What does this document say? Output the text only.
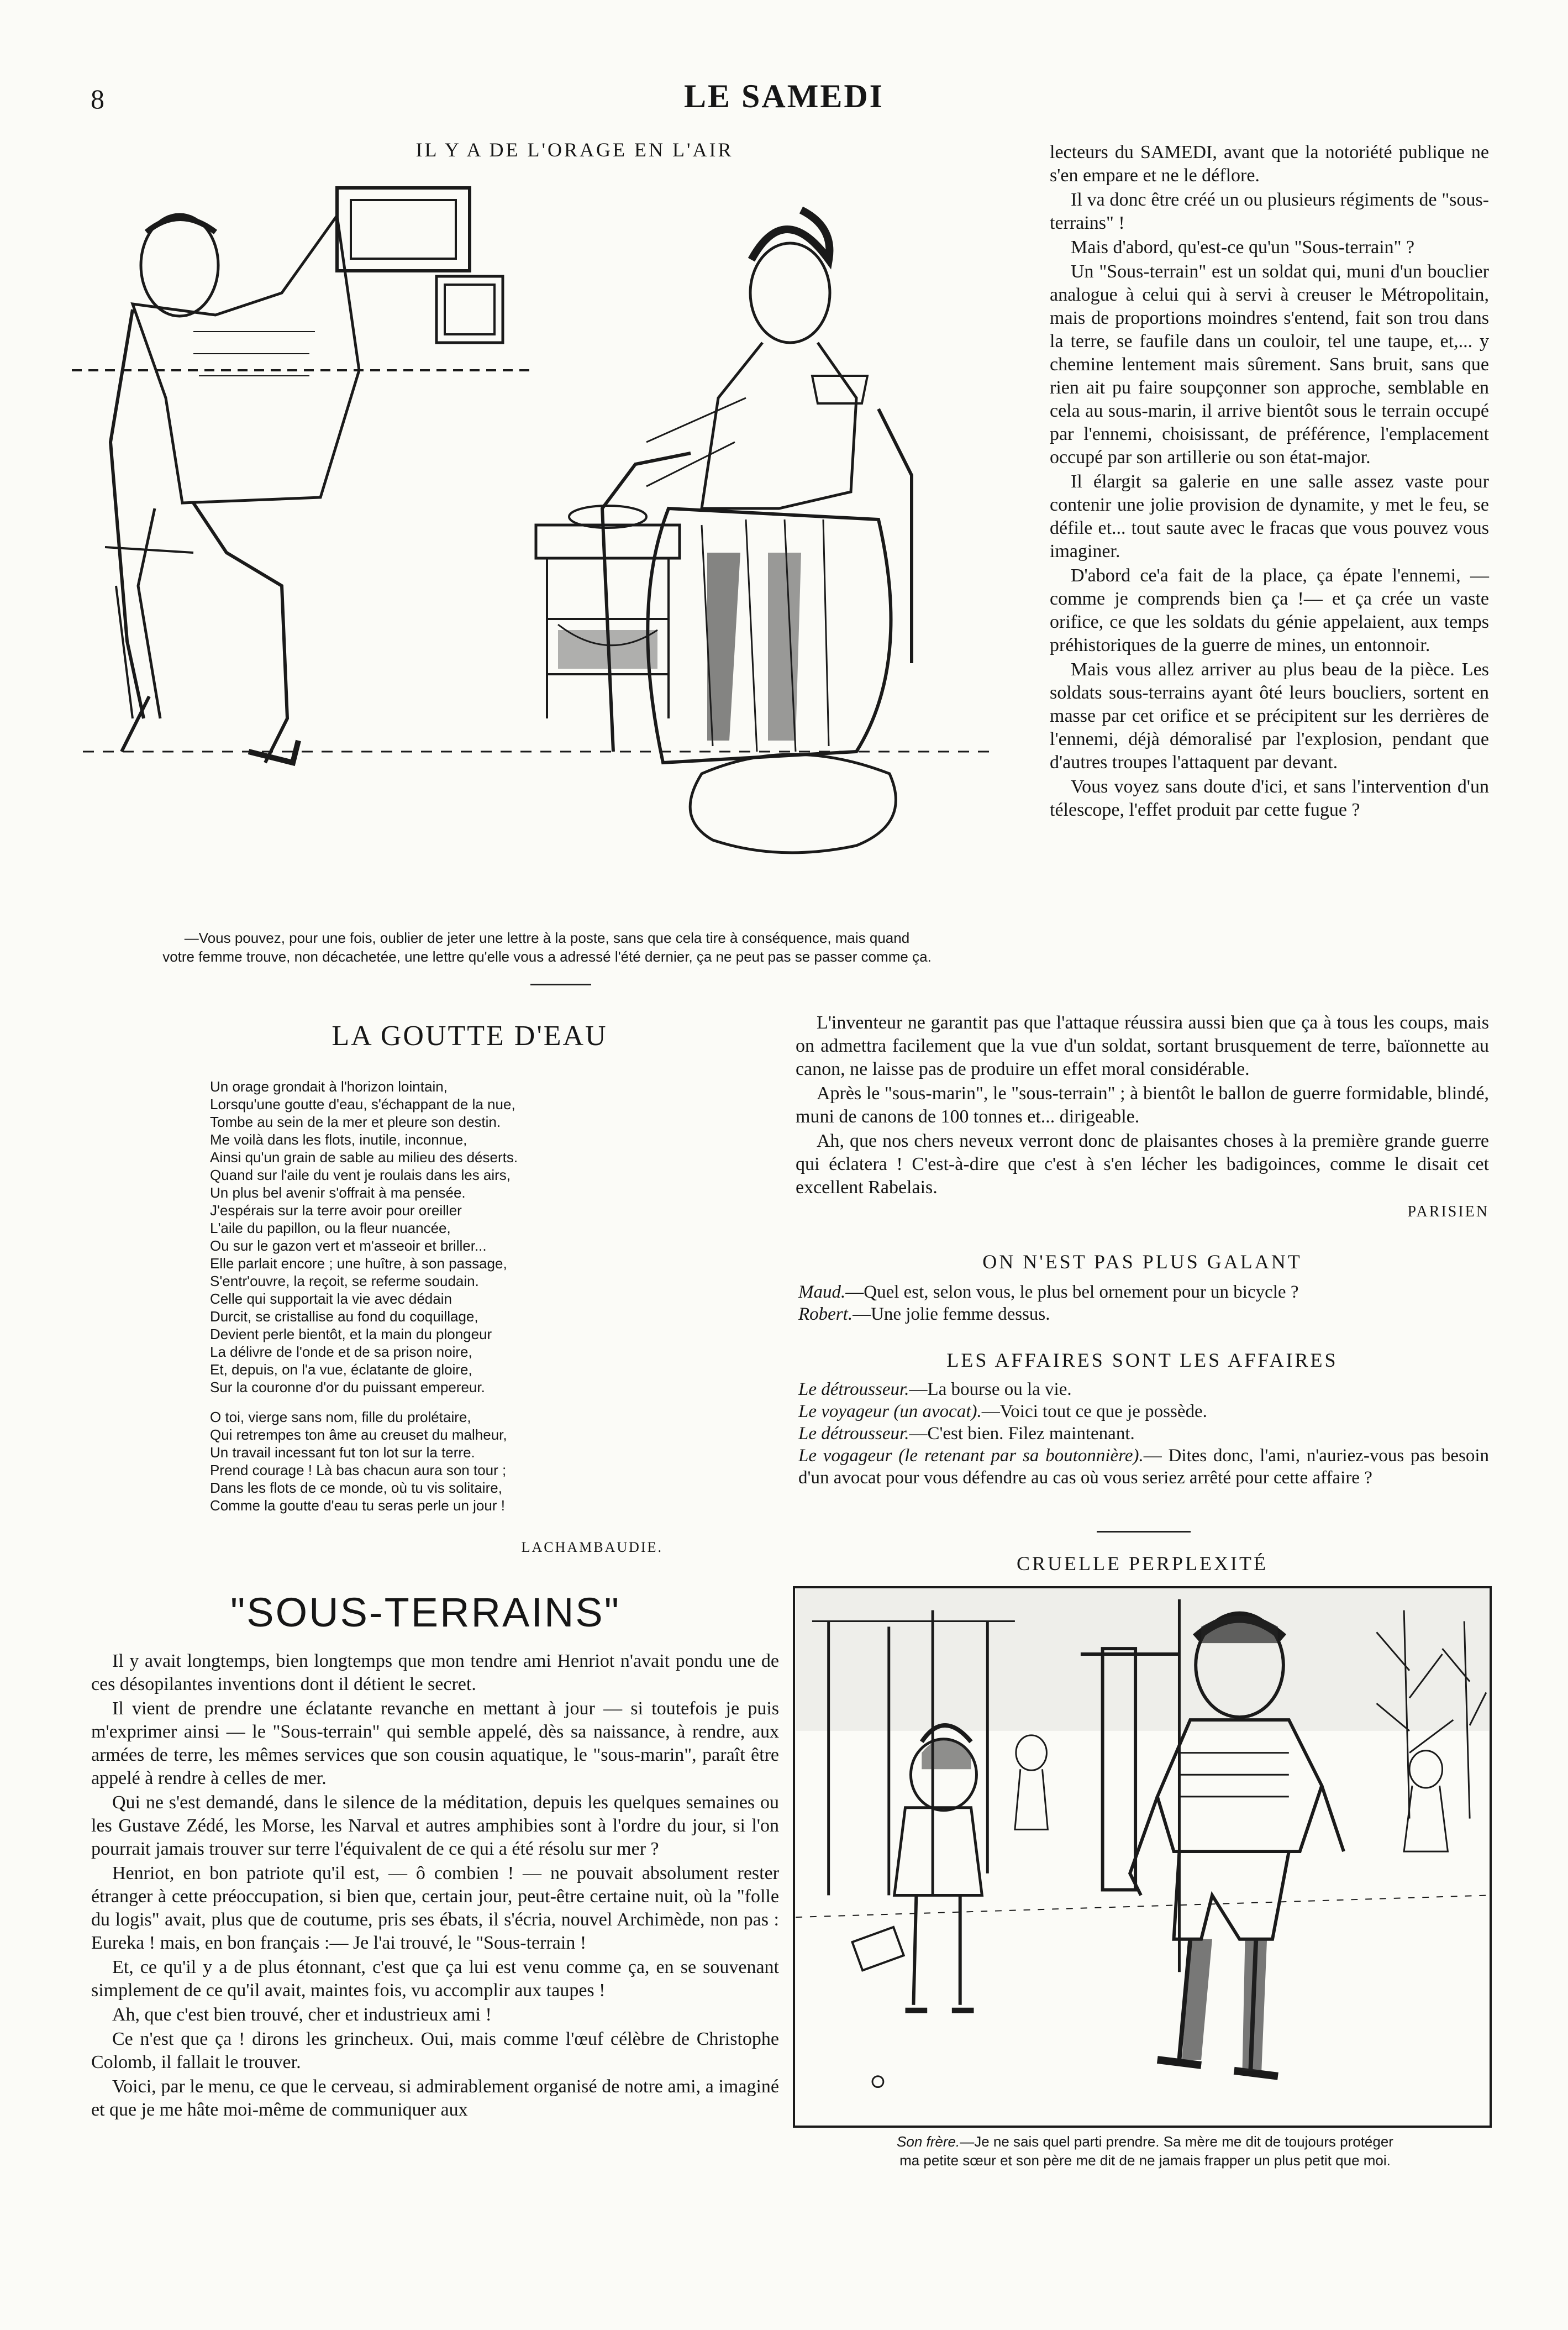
8	LE SAMEDI
IL Y A DE L'ORAGE EN L'AIR
—Vous pouvez, pour une fois, oublier de jeter une lettre à la poste, sans que cela tire à conséquence, mais quand
votre femme trouve, non décachetée, une lettre qu'elle vous a adressé l'été dernier, ça ne peut pas se passer comme ça.

lecteurs du SAMEDI, avant que la notoriété publique ne s'en empare et ne le déflore.

Il va donc être créé un ou plusieurs régiments de "sous-terrains" !

Mais d'abord, qu'est-ce qu'un "Sous-terrain" ?

Un "Sous-terrain" est un soldat qui, muni d'un bouclier analogue à celui qui à servi à creuser le Métropolitain, mais de proportions moindres s'entend, fait son trou dans la terre, se faufile dans un couloir, tel une taupe, et,... y chemine lentement mais sûrement. Sans bruit, sans que rien ait pu faire soupçonner son approche, semblable en cela au sous-marin, il arrive bientôt sous le terrain occupé par l'ennemi, choisissant, de préférence, l'emplacement occupé par son artillerie ou son état-major.

Il élargit sa galerie en une salle assez vaste pour contenir une jolie provision de dynamite, y met le feu, se défile et... tout saute avec le fracas que vous pouvez vous imaginer.

D'abord ce'a fait de la place, ça épate l'ennemi, — comme je comprends bien ça !— et ça crée un vaste orifice, ce que les soldats du génie appelaient, aux temps préhistoriques de la guerre de mines, un entonnoir.

Mais vous allez arriver au plus beau de la pièce. Les soldats sous-terrains ayant ôté leurs boucliers, sortent en masse par cet orifice et se précipitent sur les derrières de l'ennemi, déjà démoralisé par l'explosion, pendant que d'autres troupes l'attaquent par devant.

Vous voyez sans doute d'ici, et sans l'intervention d'un télescope, l'effet produit par cette fugue ?

L'inventeur ne garantit pas que l'attaque réussira aussi bien que ça à tous les coups, mais on admettra facilement que la vue d'un soldat, sortant brusquement de terre, baïonnette au canon, ne laisse pas de produire un effet moral considérable.

Après le "sous-marin", le "sous-terrain" ; à bientôt le ballon de guerre formidable, blindé, muni de canons de 100 tonnes et... dirigeable.

Ah, que nos chers neveux verront donc de plaisantes choses à la première grande guerre qui éclatera ! C'est-à-dire que c'est à s'en lécher les badigoinces, comme le disait cet excellent Rabelais.

PARISIEN
ON N'EST PAS PLUS GALANT
Maud.—Quel est, selon vous, le plus bel ornement pour un bicycle ?
Robert.—Une jolie femme dessus.
LES AFFAIRES SONT LES AFFAIRES
Le détrousseur.—La bourse ou la vie.
Le voyageur (un avocat).—Voici tout ce que je possède.
Le détrousseur.—C'est bien. Filez maintenant.
Le vogageur (le retenant par sa boutonnière).— Dites donc, l'ami, n'auriez-vous pas besoin d'un avocat pour vous défendre au cas où vous seriez arrêté pour cette affaire ?
CRUELLE PERPLEXITÉ
Son frère.—Je ne sais quel parti prendre. Sa mère me dit de toujours protéger
ma petite sœur et son père me dit de ne jamais frapper un plus petit que moi.
LA GOUTTE D'EAU
Un orage grondait à l'horizon lointain,
Lorsqu'une goutte d'eau, s'échappant de la nue,
Tombe au sein de la mer et pleure son destin.
Me voilà dans les flots, inutile, inconnue,
Ainsi qu'un grain de sable au milieu des déserts.
Quand sur l'aile du vent je roulais dans les airs,
Un plus bel avenir s'offrait à ma pensée.
J'espérais sur la terre avoir pour oreiller
L'aile du papillon, ou la fleur nuancée,
Ou sur le gazon vert et m'asseoir et briller...
Elle parlait encore ; une huître, à son passage,
S'entr'ouvre, la reçoit, se referme soudain.
Celle qui supportait la vie avec dédain
Durcit, se cristallise au fond du coquillage,
Devient perle bientôt, et la main du plongeur
La délivre de l'onde et de sa prison noire,
Et, depuis, on l'a vue, éclatante de gloire,
Sur la couronne d'or du puissant empereur.
O toi, vierge sans nom, fille du prolétaire,
Qui retrempes ton âme au creuset du malheur,
Un travail incessant fut ton lot sur la terre.
Prend courage ! Là bas chacun aura son tour ;
Dans les flots de ce monde, où tu vis solitaire,
Comme la goutte d'eau tu seras perle un jour !
LACHAMBAUDIE.
"SOUS-TERRAINS"

Il y avait longtemps, bien longtemps que mon tendre ami Henriot n'avait pondu une de ces désopilantes inventions dont il détient le secret.

Il vient de prendre une éclatante revanche en mettant à jour — si toutefois je puis m'exprimer ainsi — le "Sous-terrain" qui semble appelé, dès sa naissance, à rendre, aux armées de terre, les mêmes services que son cousin aquatique, le "sous-marin", paraît être appelé à rendre à celles de mer.

Qui ne s'est demandé, dans le silence de la méditation, depuis les quelques semaines ou les Gustave Zédé, les Morse, les Narval et autres amphibies sont à l'ordre du jour, si l'on pourrait jamais trouver sur terre l'équivalent de ce qui a été résolu sur mer ?

Henriot, en bon patriote qu'il est, — ô combien ! — ne pouvait absolument rester étranger à cette préoccupation, si bien que, certain jour, peut-être certaine nuit, où la "folle du logis" avait, plus que de coutume, pris ses ébats, il s'écria, nouvel Archimède, non pas : Eureka ! mais, en bon français :— Je l'ai trouvé, le "Sous-terrain !

Et, ce qu'il y a de plus étonnant, c'est que ça lui est venu comme ça, en se souvenant simplement de ce qu'il avait, maintes fois, vu accomplir aux taupes !

Ah, que c'est bien trouvé, cher et industrieux ami !

Ce n'est que ça ! dirons les grincheux. Oui, mais comme l'œuf célèbre de Christophe Colomb, il fallait le trouver.

Voici, par le menu, ce que le cerveau, si admirablement organisé de notre ami, a imaginé et que je me hâte moi-même de communiquer aux
